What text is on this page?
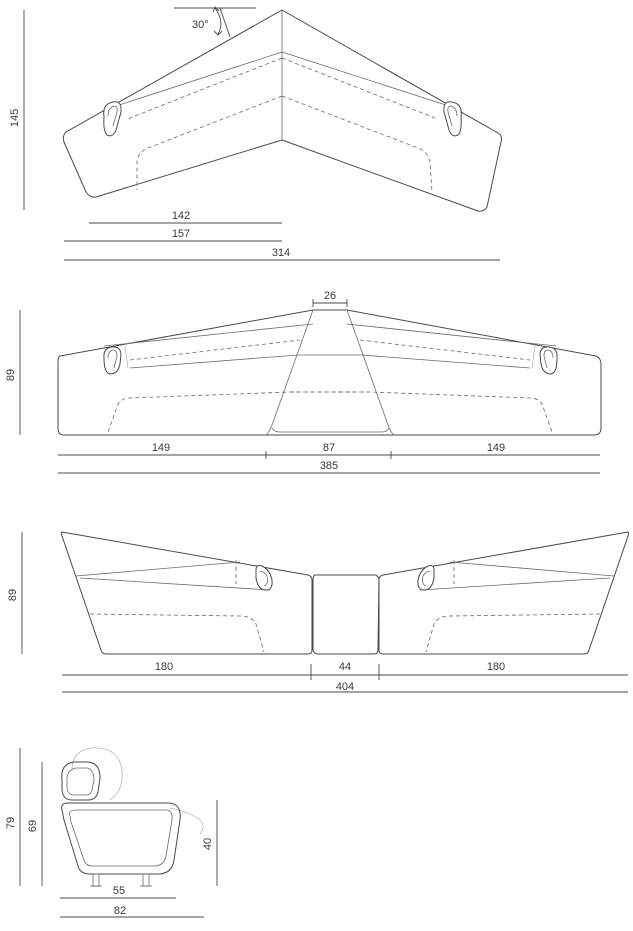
30°
145
142
157
314
89
26
149	87	149
385
89
180	44	180
404
79 69
40
55
82
